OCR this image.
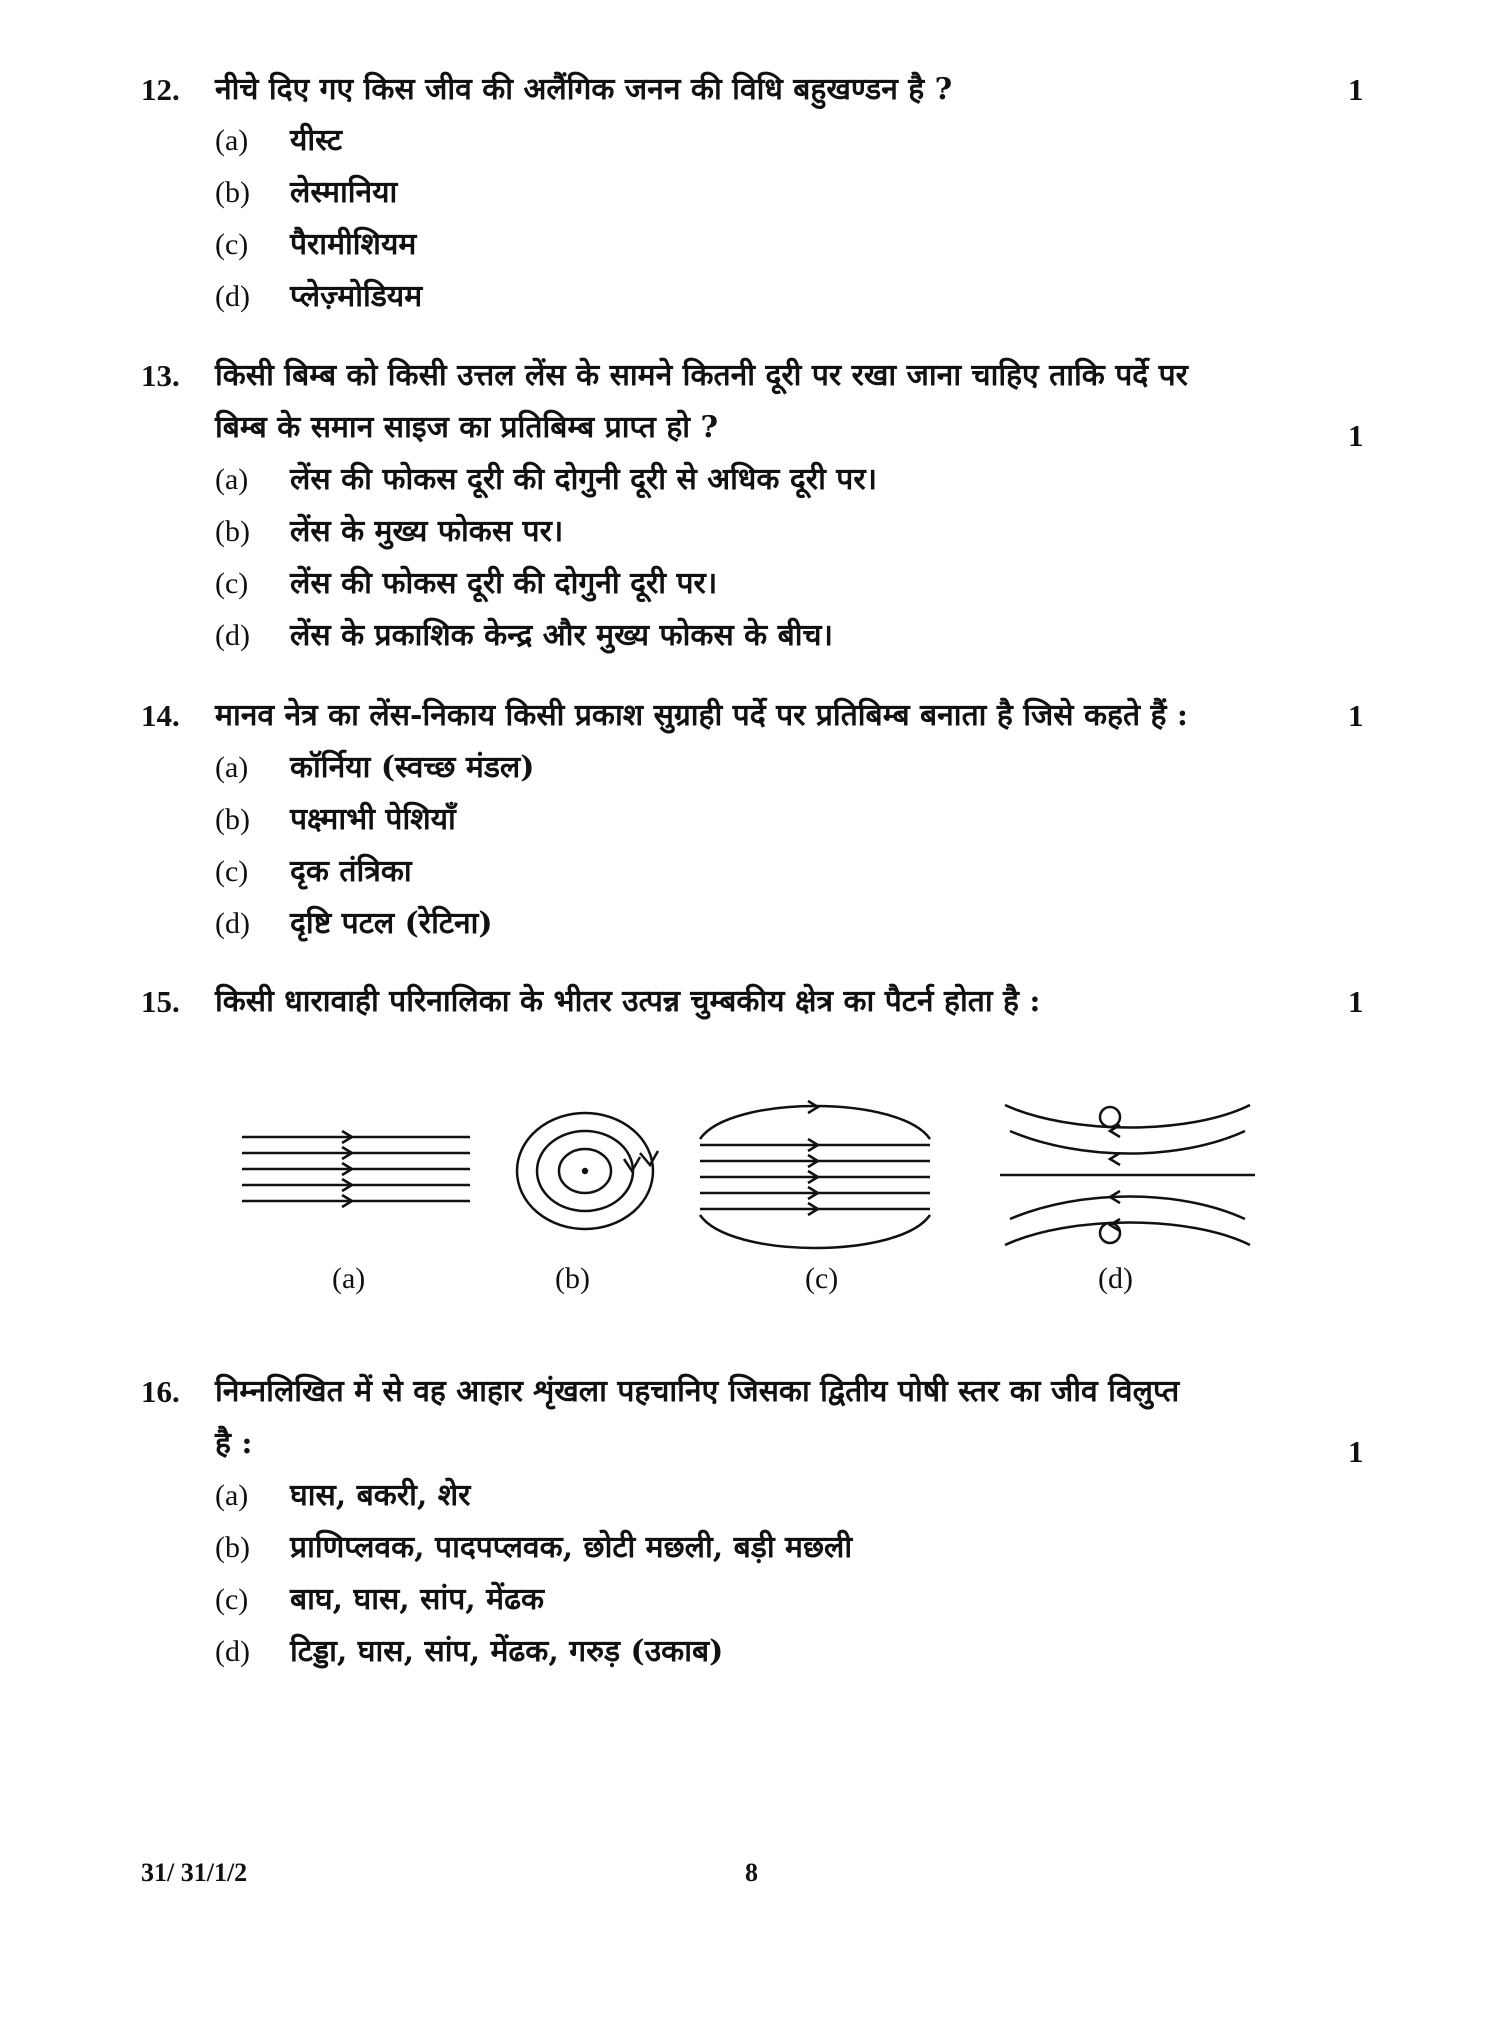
12. नीचे दिए गए किस जीव की अलैंगिक जनन की विधि बहुखण्डन है ?	1
(a) यीस्ट
(b) लेस्मानिया
(c) पैरामीशियम
(d) प्लेज़्मोडियम
13. किसी बिम्ब को किसी उत्तल लेंस के सामने कितनी दूरी पर रखा जाना चाहिए ताकि पर्दे पर
बिम्ब के समान साइज का प्रतिबिम्ब प्राप्त हो ?	1
(a) लेंस की फोकस दूरी की दोगुनी दूरी से अधिक दूरी पर।
(b) लेंस के मुख्य फोकस पर।
(c) लेंस की फोकस दूरी की दोगुनी दूरी पर।
(d) लेंस के प्रकाशिक केन्द्र और मुख्य फोकस के बीच।
14. मानव नेत्र का लेंस-निकाय किसी प्रकाश सुग्राही पर्दे पर प्रतिबिम्ब बनाता है जिसे कहते हैं :	1
(a) कॉर्निया (स्वच्छ मंडल)
(b) पक्ष्माभी पेशियाँ
(c) दृक तंत्रिका
(d) दृष्टि पटल (रेटिना)
15. किसी धारावाही परिनालिका के भीतर उत्पन्न चुम्बकीय क्षेत्र का पैटर्न होता है :	1
(a)	(b)	(c)	(d)
16. निम्नलिखित में से वह आहार शृंखला पहचानिए जिसका द्वितीय पोषी स्तर का जीव विलुप्त
है :	1
(a) घास, बकरी, शेर
(b) प्राणिप्लवक, पादपप्लवक, छोटी मछली, बड़ी मछली
(c) बाघ, घास, सांप, मेंढक
(d) टिड्डा, घास, सांप, मेंढक, गरुड़ (उकाब)
31/ 31/1/2	8
